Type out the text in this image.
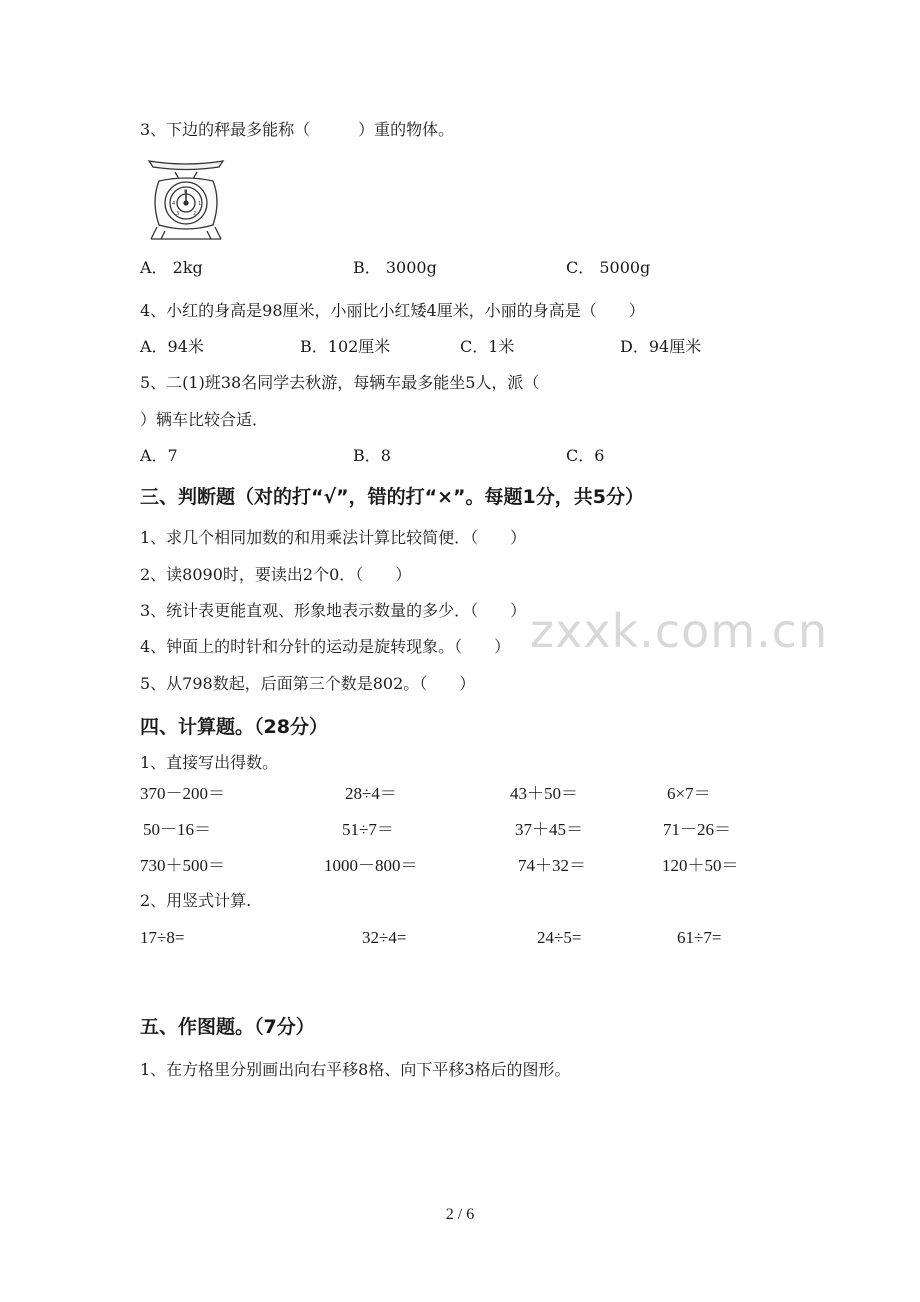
zxxk.com.cn
3、下边的秤最多能称（　　　）重的物体。
0
1
4
2
3
A． 2kg	B． 3000g	C． 5000g
4、小红的身高是98厘米，小丽比小红矮4厘米，小丽的身高是（　　）
A．94米	B．102厘米	C．1米	D．94厘米
5、二(1)班38名同学去秋游，每辆车最多能坐5人，派（
）辆车比较合适．
A．7	B．8	C．6
三、判断题（对的打“√”，错的打“×”。每题1分，共5分）
1、求几个相同加数的和用乘法计算比较简便．（　　）
2、读8090时，要读出2个0．（　　）
3、统计表更能直观、形象地表示数量的多少．（　　）
4、钟面上的时针和分针的运动是旋转现象。（　　）
5、从798数起，后面第三个数是802。（　　）
四、计算题。（28分）
1、直接写出得数。
370－200＝	28÷4＝	43＋50＝	6×7＝
50－16＝	51÷7＝	37＋45＝	71－26＝
730＋500＝	1000－800＝	74＋32＝	120＋50＝
2、用竖式计算.
17÷8=	32÷4=	24÷5=	61÷7=
五、作图题。（7分）
1、在方格里分别画出向右平移8格、向下平移3格后的图形。
2 / 6
